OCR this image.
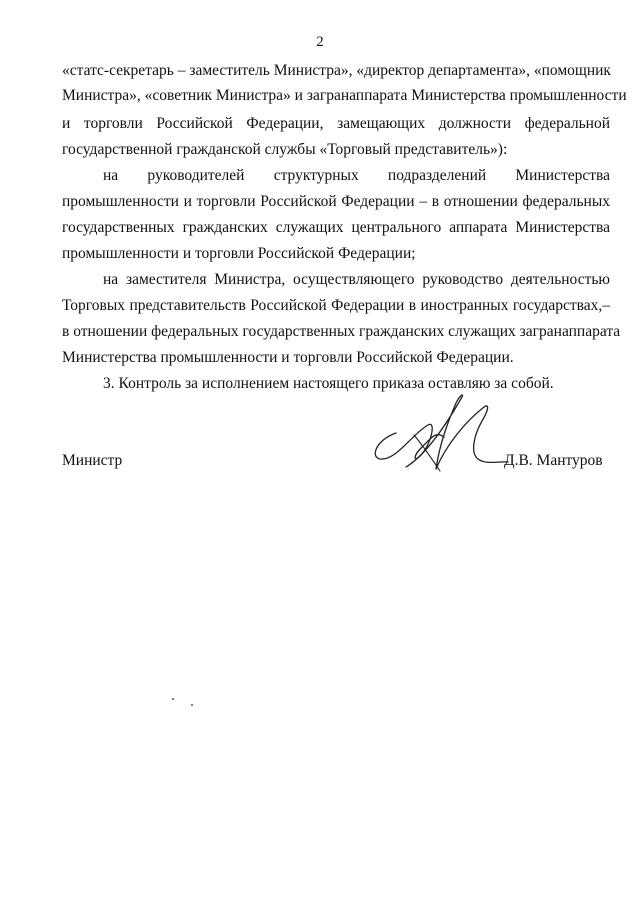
2
«статс-секретарь – заместитель Министра», «директор департамента», «помощник
Министра», «советник Министра» и загранаппарата Министерства промышленности
и торговли Российской Федерации, замещающих должности федеральной
государственной гражданской службы «Торговый представитель»):
на руководителей структурных подразделений Министерства
промышленности и торговли Российской Федерации – в отношении федеральных
государственных гражданских служащих центрального аппарата Министерства
промышленности и торговли Российской Федерации;
на заместителя Министра, осуществляющего руководство деятельностью
Торговых представительств Российской Федерации в иностранных государствах,–
в отношении федеральных государственных гражданских служащих загранаппарата
Министерства промышленности и торговли Российской Федерации.
3. Контроль за исполнением настоящего приказа оставляю за собой.
Министр	Д.В. Мантуров
